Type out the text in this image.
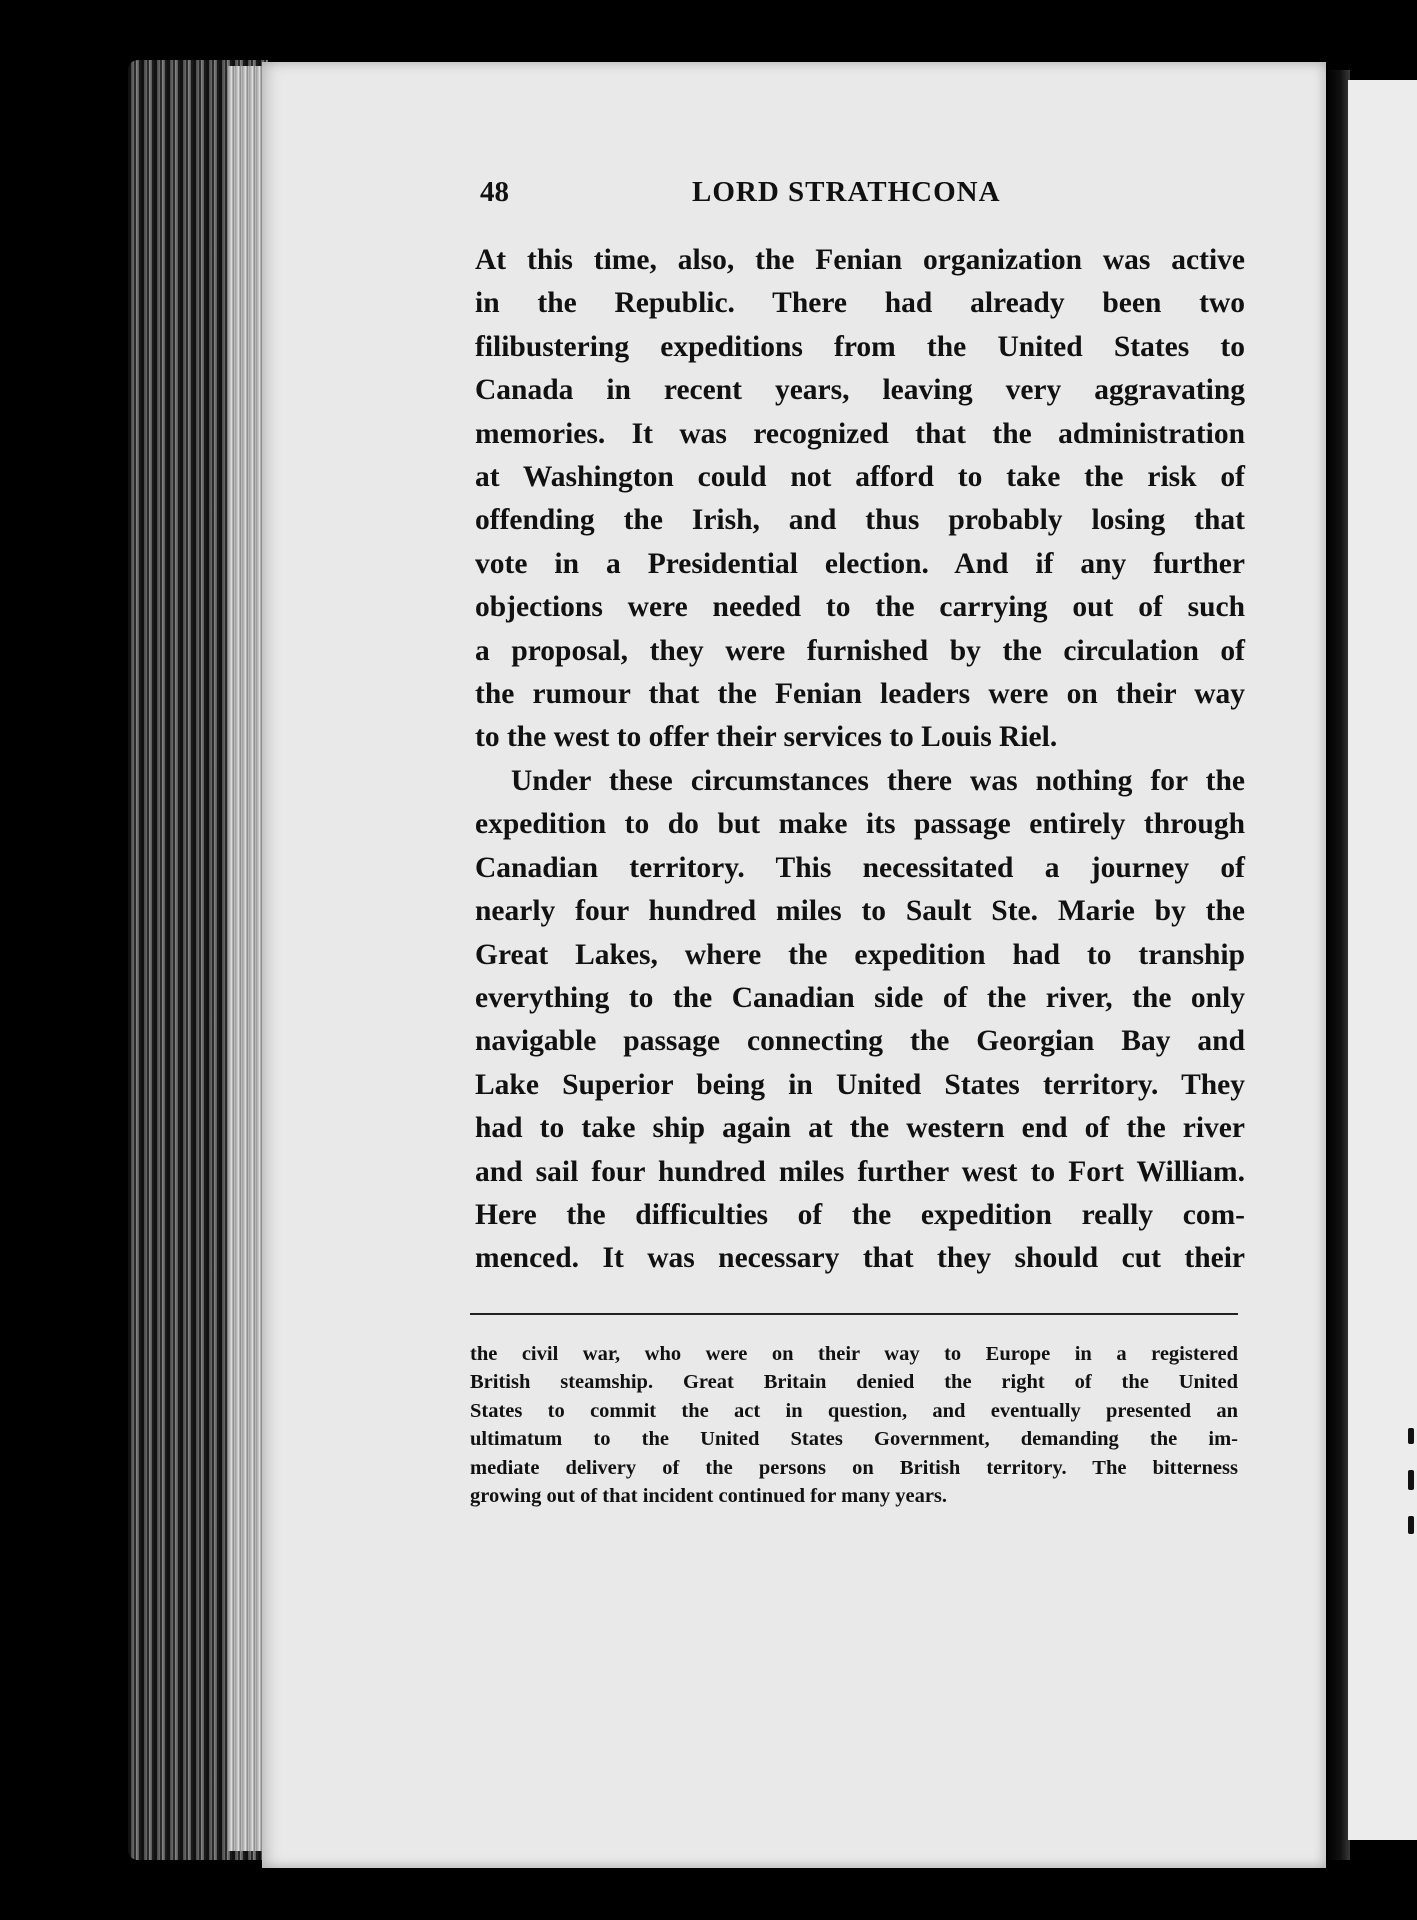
48	LORD STRATHCONA
At this time, also, the Fenian organization was active
in the Republic. There had already been two
filibustering expeditions from the United States to
Canada in recent years, leaving very aggravating
memories. It was recognized that the administration
at Washington could not afford to take the risk of
offending the Irish, and thus probably losing that
vote in a Presidential election. And if any further
objections were needed to the carrying out of such
a proposal, they were furnished by the circulation of
the rumour that the Fenian leaders were on their way
to the west to offer their services to Louis Riel.
Under these circumstances there was nothing for the
expedition to do but make its passage entirely through
Canadian territory. This necessitated a journey of
nearly four hundred miles to Sault Ste. Marie by the
Great Lakes, where the expedition had to tranship
everything to the Canadian side of the river, the only
navigable passage connecting the Georgian Bay and
Lake Superior being in United States territory. They
had to take ship again at the western end of the river
and sail four hundred miles further west to Fort William.
Here the difficulties of the expedition really com-
menced. It was necessary that they should cut their
the civil war, who were on their way to Europe in a registered
British steamship. Great Britain denied the right of the United
States to commit the act in question, and eventually presented an
ultimatum to the United States Government, demanding the im-
mediate delivery of the persons on British territory. The bitterness
growing out of that incident continued for many years.
